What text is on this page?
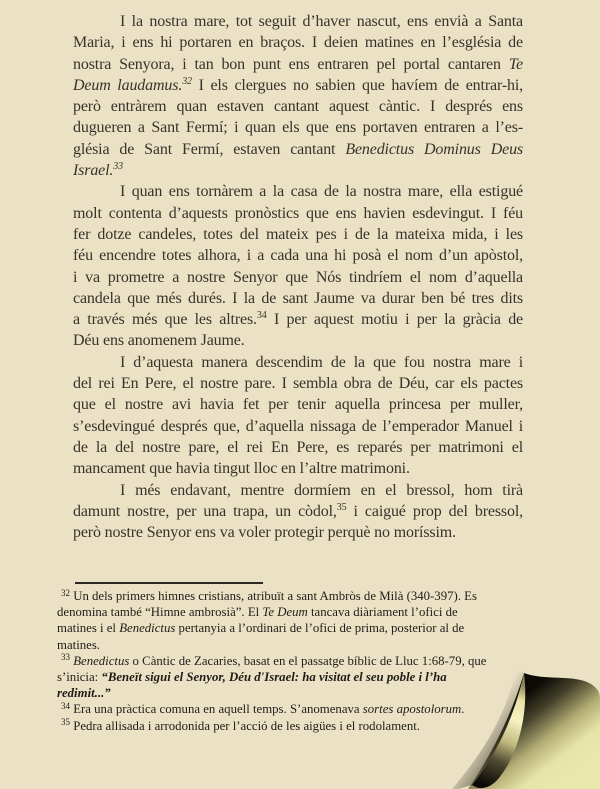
I la nostra mare, tot seguit d’haver nascut, ens envià a Santa
Maria, i ens hi portaren en braços. I deien matines en l’església de
nostra Senyora, i tan bon punt ens entraren pel portal cantaren Te
Deum laudamus.$^{32}$ I els clergues no sabien que havíem de entrar-hi,
però entràrem quan estaven cantant aquest càntic. I després ens
dugueren a Sant Fermí; i quan els que ens portaven entraren a l’es-
glésia de Sant Fermí, estaven cantant Benedictus Dominus Deus
Israel.$^{33}$
I quan ens tornàrem a la casa de la nostra mare, ella estigué
molt contenta d’aquests pronòstics que ens havien esdevingut. I féu
fer dotze candeles, totes del mateix pes i de la mateixa mida, i les
féu encendre totes alhora, i a cada una hi posà el nom d’un apòstol,
i va prometre a nostre Senyor que Nós tindríem el nom d’aquella
candela que més durés. I la de sant Jaume va durar ben bé tres dits
a través més que les altres.$^{34}$ I per aquest motiu i per la gràcia de
Déu ens anomenem Jaume.
I d’aquesta manera descendim de la que fou nostra mare i
del rei En Pere, el nostre pare. I sembla obra de Déu, car els pactes
que el nostre avi havia fet per tenir aquella princesa per muller,
s’esdevingué després que, d’aquella nissaga de l’emperador Manuel i
de la del nostre pare, el rei En Pere, es reparés per matrimoni el
mancament que havia tingut lloc en l’altre matrimoni.
I més endavant, mentre dormíem en el bressol, hom tirà
damunt nostre, per una trapa, un còdol,$^{35}$ i caigué prop del bressol,
però nostre Senyor ens va voler protegir perquè no moríssim.
$^{32}$ Un dels primers himnes cristians, atribuït a sant Ambròs de Milà (340-397). Es
denomina també “Himne ambrosià”. El Te Deum tancava diàriament l’ofici de
matines i el Benedictus pertanyia a l’ordinari de l’ofici de prima, posterior al de
matines.
$^{33}$ Benedictus o Càntic de Zacaries, basat en el passatge bíblic de Lluc 1:68-79, que
s’inicia: “Beneït sigui el Senyor, Déu d'Israel: ha visitat el seu poble i l’ha
redimit...”
$^{34}$ Era una pràctica comuna en aquell temps. S’anomenava sortes apostolorum.
$^{35}$ Pedra allisada i arrodonida per l’acció de les aigües i el rodolament.
